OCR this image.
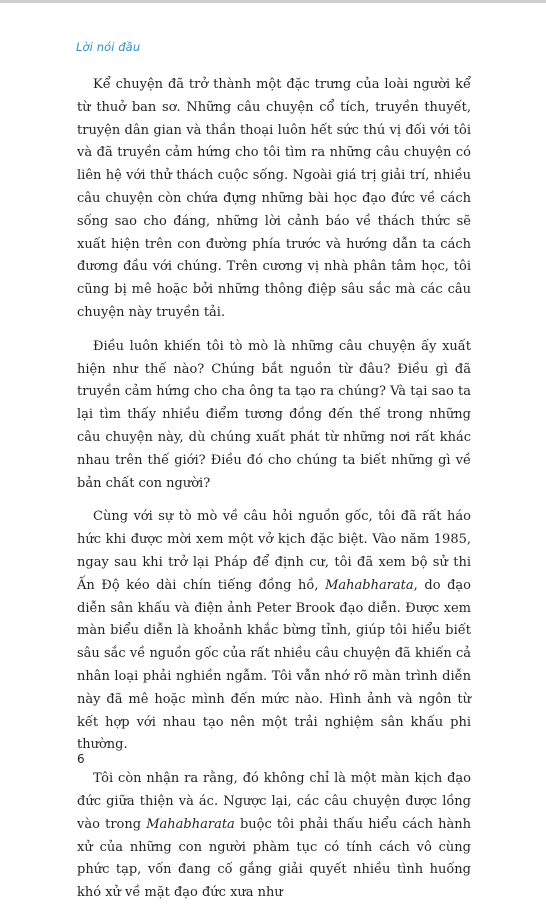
Lời nói đầu

Kể chuyện đã trở thành một đặc trưng của loài người kể từ thuở ban sơ. Những câu chuyện cổ tích, truyền thuyết, truyện dân gian và thần thoại luôn hết sức thú vị đối với tôi và đã truyền cảm hứng cho tôi tìm ra những câu chuyện có liên hệ với thử thách cuộc sống. Ngoài giá trị giải trí, nhiều câu chuyện còn chứa đựng những bài học đạo đức về cách sống sao cho đáng, những lời cảnh báo về thách thức sẽ xuất hiện trên con đường phía trước và hướng dẫn ta cách đương đầu với chúng. Trên cương vị nhà phân tâm học, tôi cũng bị mê hoặc bởi những thông điệp sâu sắc mà các câu chuyện này truyền tải.

Điều luôn khiến tôi tò mò là những câu chuyện ấy xuất hiện như thế nào? Chúng bắt nguồn từ đâu? Điều gì đã truyền cảm hứng cho cha ông ta tạo ra chúng? Và tại sao ta lại tìm thấy nhiều điểm tương đồng đến thế trong những câu chuyện này, dù chúng xuất phát từ những nơi rất khác nhau trên thế giới? Điều đó cho chúng ta biết những gì về bản chất con người?

Cùng với sự tò mò về câu hỏi nguồn gốc, tôi đã rất háo hức khi được mời xem một vở kịch đặc biệt. Vào năm 1985, ngay sau khi trở lại Pháp để định cư, tôi đã xem bộ sử thi Ấn Độ kéo dài chín tiếng đồng hồ, Mahabharata, do đạo diễn sân khấu và điện ảnh Peter Brook đạo diễn. Được xem màn biểu diễn là khoảnh khắc bừng tỉnh, giúp tôi hiểu biết sâu sắc về nguồn gốc của rất nhiều câu chuyện đã khiến cả nhân loại phải nghiền ngẫm. Tôi vẫn nhớ rõ màn trình diễn này đã mê hoặc mình đến mức nào. Hình ảnh và ngôn từ kết hợp với nhau tạo nên một trải nghiệm sân khấu phi thường.

Tôi còn nhận ra rằng, đó không chỉ là một màn kịch đạo đức giữa thiện và ác. Ngược lại, các câu chuyện được lồng vào trong Mahabharata buộc tôi phải thấu hiểu cách hành xử của những con người phàm tục có tính cách vô cùng phức tạp, vốn đang cố gắng giải quyết nhiều tình huống khó xử về mặt đạo đức xưa như

6
